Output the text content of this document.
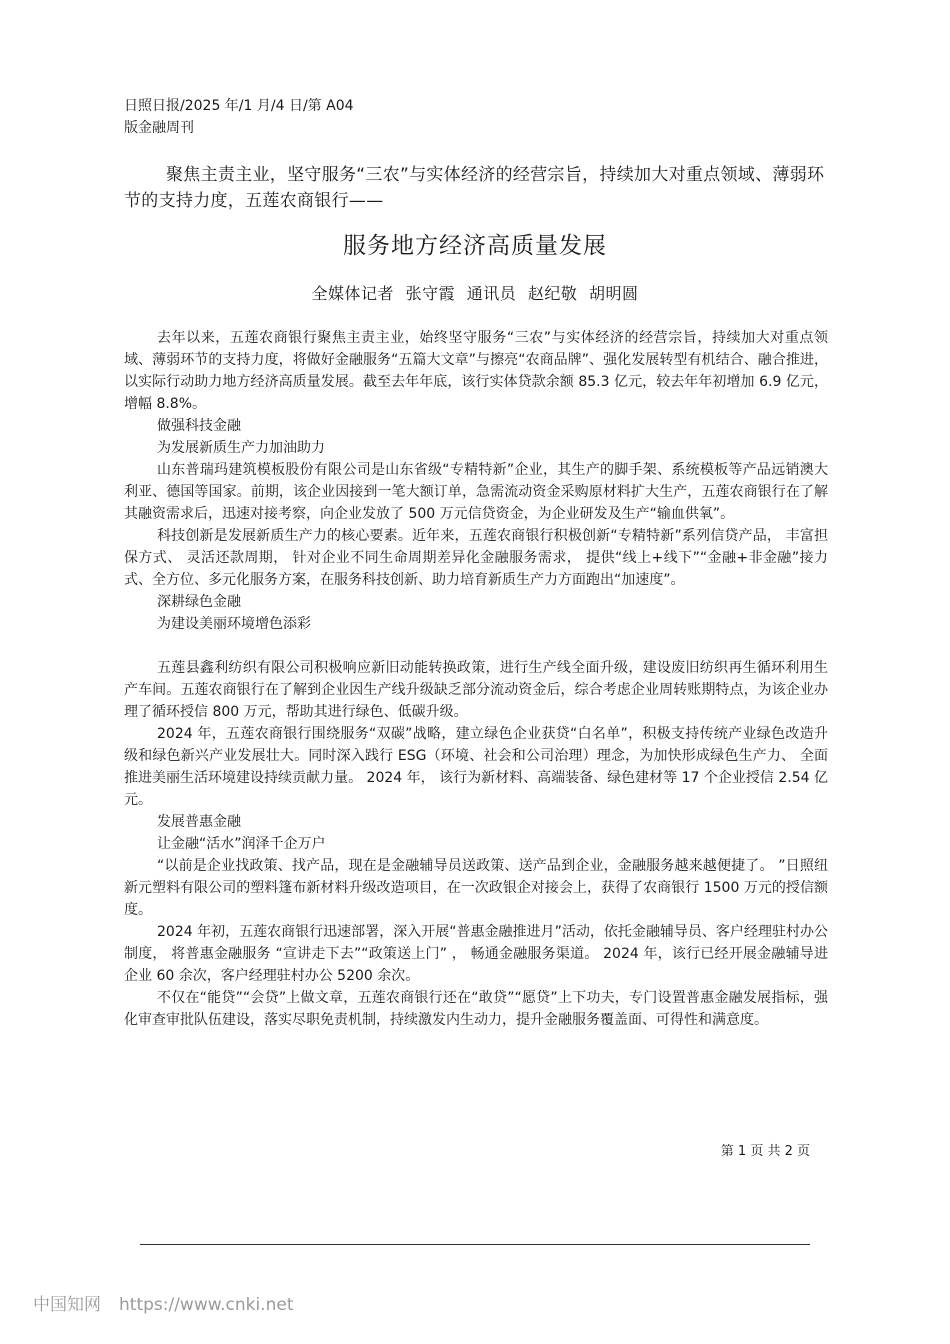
日照日报/2025 年/1 月/4 日/第 A04
版金融周刊
聚焦主责主业，坚守服务“三农”与实体经济的经营宗旨，持续加大对重点领域、薄弱环节的支持力度，五莲农商银行——
服务地方经济高质量发展
全媒体记者 张守霞 通讯员 赵纪敬 胡明圆

去年以来，五莲农商银行聚焦主责主业，始终坚守服务“三农”与实体经济的经营宗旨，持续加大对重点领域、薄弱环节的支持力度，将做好金融服务“五篇大文章”与擦亮“农商品牌”、强化发展转型有机结合、融合推进，以实际行动助力地方经济高质量发展。截至去年年底，该行实体贷款余额 85.3 亿元，较去年年初增加 6.9 亿元，增幅 8.8%。

做强科技金融

为发展新质生产力加油助力

山东普瑞玛建筑模板股份有限公司是山东省级“专精特新”企业，其生产的脚手架、系统模板等产品远销澳大利亚、德国等国家。前期，该企业因接到一笔大额订单，急需流动资金采购原材料扩大生产，五莲农商银行在了解其融资需求后，迅速对接考察，向企业发放了 500 万元信贷资金，为企业研发及生产“输血供氧”。

科技创新是发展新质生产力的核心要素。近年来，五莲农商银行积极创新“专精特新”系列信贷产品， 丰富担保方式、 灵活还款周期， 针对企业不同生命周期差异化金融服务需求， 提供“线上+线下”“金融+非金融”接力式、全方位、多元化服务方案，在服务科技创新、助力培育新质生产力方面跑出“加速度”。

深耕绿色金融

为建设美丽环境增色添彩

五莲县鑫利纺织有限公司积极响应新旧动能转换政策，进行生产线全面升级，建设废旧纺织再生循环利用生产车间。五莲农商银行在了解到企业因生产线升级缺乏部分流动资金后，综合考虑企业周转账期特点，为该企业办理了循环授信 800 万元，帮助其进行绿色、低碳升级。

2024 年，五莲农商银行围绕服务“双碳”战略，建立绿色企业获贷“白名单”，积极支持传统产业绿色改造升级和绿色新兴产业发展壮大。同时深入践行 ESG（环境、社会和公司治理）理念，为加快形成绿色生产力、 全面推进美丽生活环境建设持续贡献力量。 2024 年， 该行为新材料、高端装备、绿色建材等 17 个企业授信 2.54 亿元。

发展普惠金融

让金融“活水”润泽千企万户

“以前是企业找政策、找产品，现在是金融辅导员送政策、送产品到企业，金融服务越来越便捷了。 ”日照纽新元塑料有限公司的塑料篷布新材料升级改造项目，在一次政银企对接会上，获得了农商银行 1500 万元的授信额度。

2024 年初，五莲农商银行迅速部署，深入开展“普惠金融推进月”活动，依托金融辅导员、客户经理驻村办公制度， 将普惠金融服务 “宣讲走下去”“政策送上门” ， 畅通金融服务渠道。 2024 年，该行已经开展金融辅导进企业 60 余次，客户经理驻村办公 5200 余次。

不仅在“能贷”“会贷”上做文章，五莲农商银行还在“敢贷”“愿贷”上下功夫，专门设置普惠金融发展指标，强化审查审批队伍建设，落实尽职免责机制，持续激发内生动力，提升金融服务覆盖面、可得性和满意度。

第 1 页 共 2 页
中国知网 https://www.cnki.net
